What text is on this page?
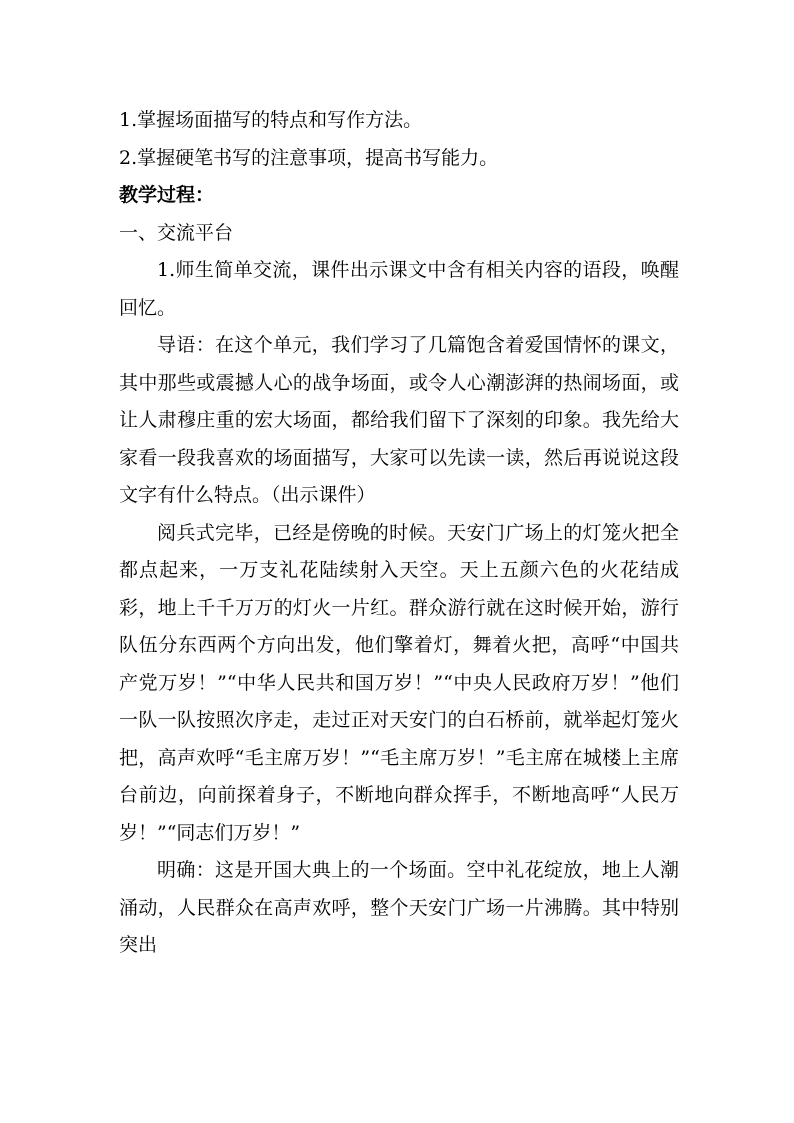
1.掌握场面描写的特点和写作方法。

2.掌握硬笔书写的注意事项，提高书写能力。

教学过程：

一、交流平台

1.师生简单交流，课件出示课文中含有相关内容的语段，唤醒回忆。

导语：在这个单元，我们学习了几篇饱含着爱国情怀的课文，其中那些或震撼人心的战争场面，或令人心潮澎湃的热闹场面，或让人肃穆庄重的宏大场面，都给我们留下了深刻的印象。我先给大家看一段我喜欢的场面描写，大家可以先读一读，然后再说说这段文字有什么特点。（出示课件）

阅兵式完毕，已经是傍晚的时候。天安门广场上的灯笼火把全都点起来，一万支礼花陆续射入天空。天上五颜六色的火花结成彩，地上千千万万的灯火一片红。群众游行就在这时候开始，游行队伍分东西两个方向出发，他们擎着灯，舞着火把，高呼“中国共产党万岁！”“中华人民共和国万岁！”“中央人民政府万岁！”他们一队一队按照次序走，走过正对天安门的白石桥前，就举起灯笼火把，高声欢呼“毛主席万岁！”“毛主席万岁！”毛主席在城楼上主席台前边，向前探着身子，不断地向群众挥手，不断地高呼“人民万岁！”“同志们万岁！”

明确：这是开国大典上的一个场面。空中礼花绽放，地上人潮涌动，人民群众在高声欢呼，整个天安门广场一片沸腾。其中特别突出
